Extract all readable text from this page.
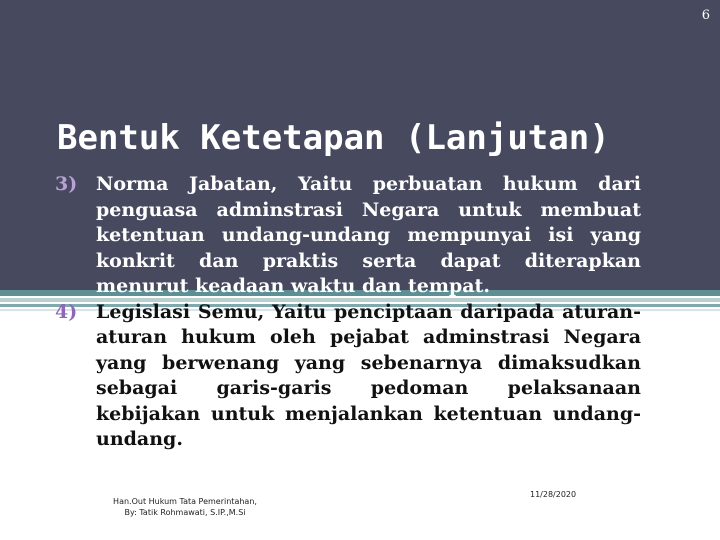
6
Bentuk Ketetapan (Lanjutan)
3) Norma Jabatan, Yaitu perbuatan hukum dari penguasa adminstrasi Negara untuk membuat ketentuan undang-undang mempunyai isi yang konkrit dan praktis serta dapat diterapkan menurut keadaan waktu dan tempat.
4) Legislasi Semu, Yaitu penciptaan daripada aturan-aturan hukum oleh pejabat adminstrasi Negara yang berwenang yang sebenarnya dimaksudkan sebagai garis-garis pedoman pelaksanaan kebijakan untuk menjalankan ketentuan undang-undang.
Han.Out Hukum Tata Pemerintahan,
By: Tatik Rohmawati, S.IP.,M.Si
11/28/2020
